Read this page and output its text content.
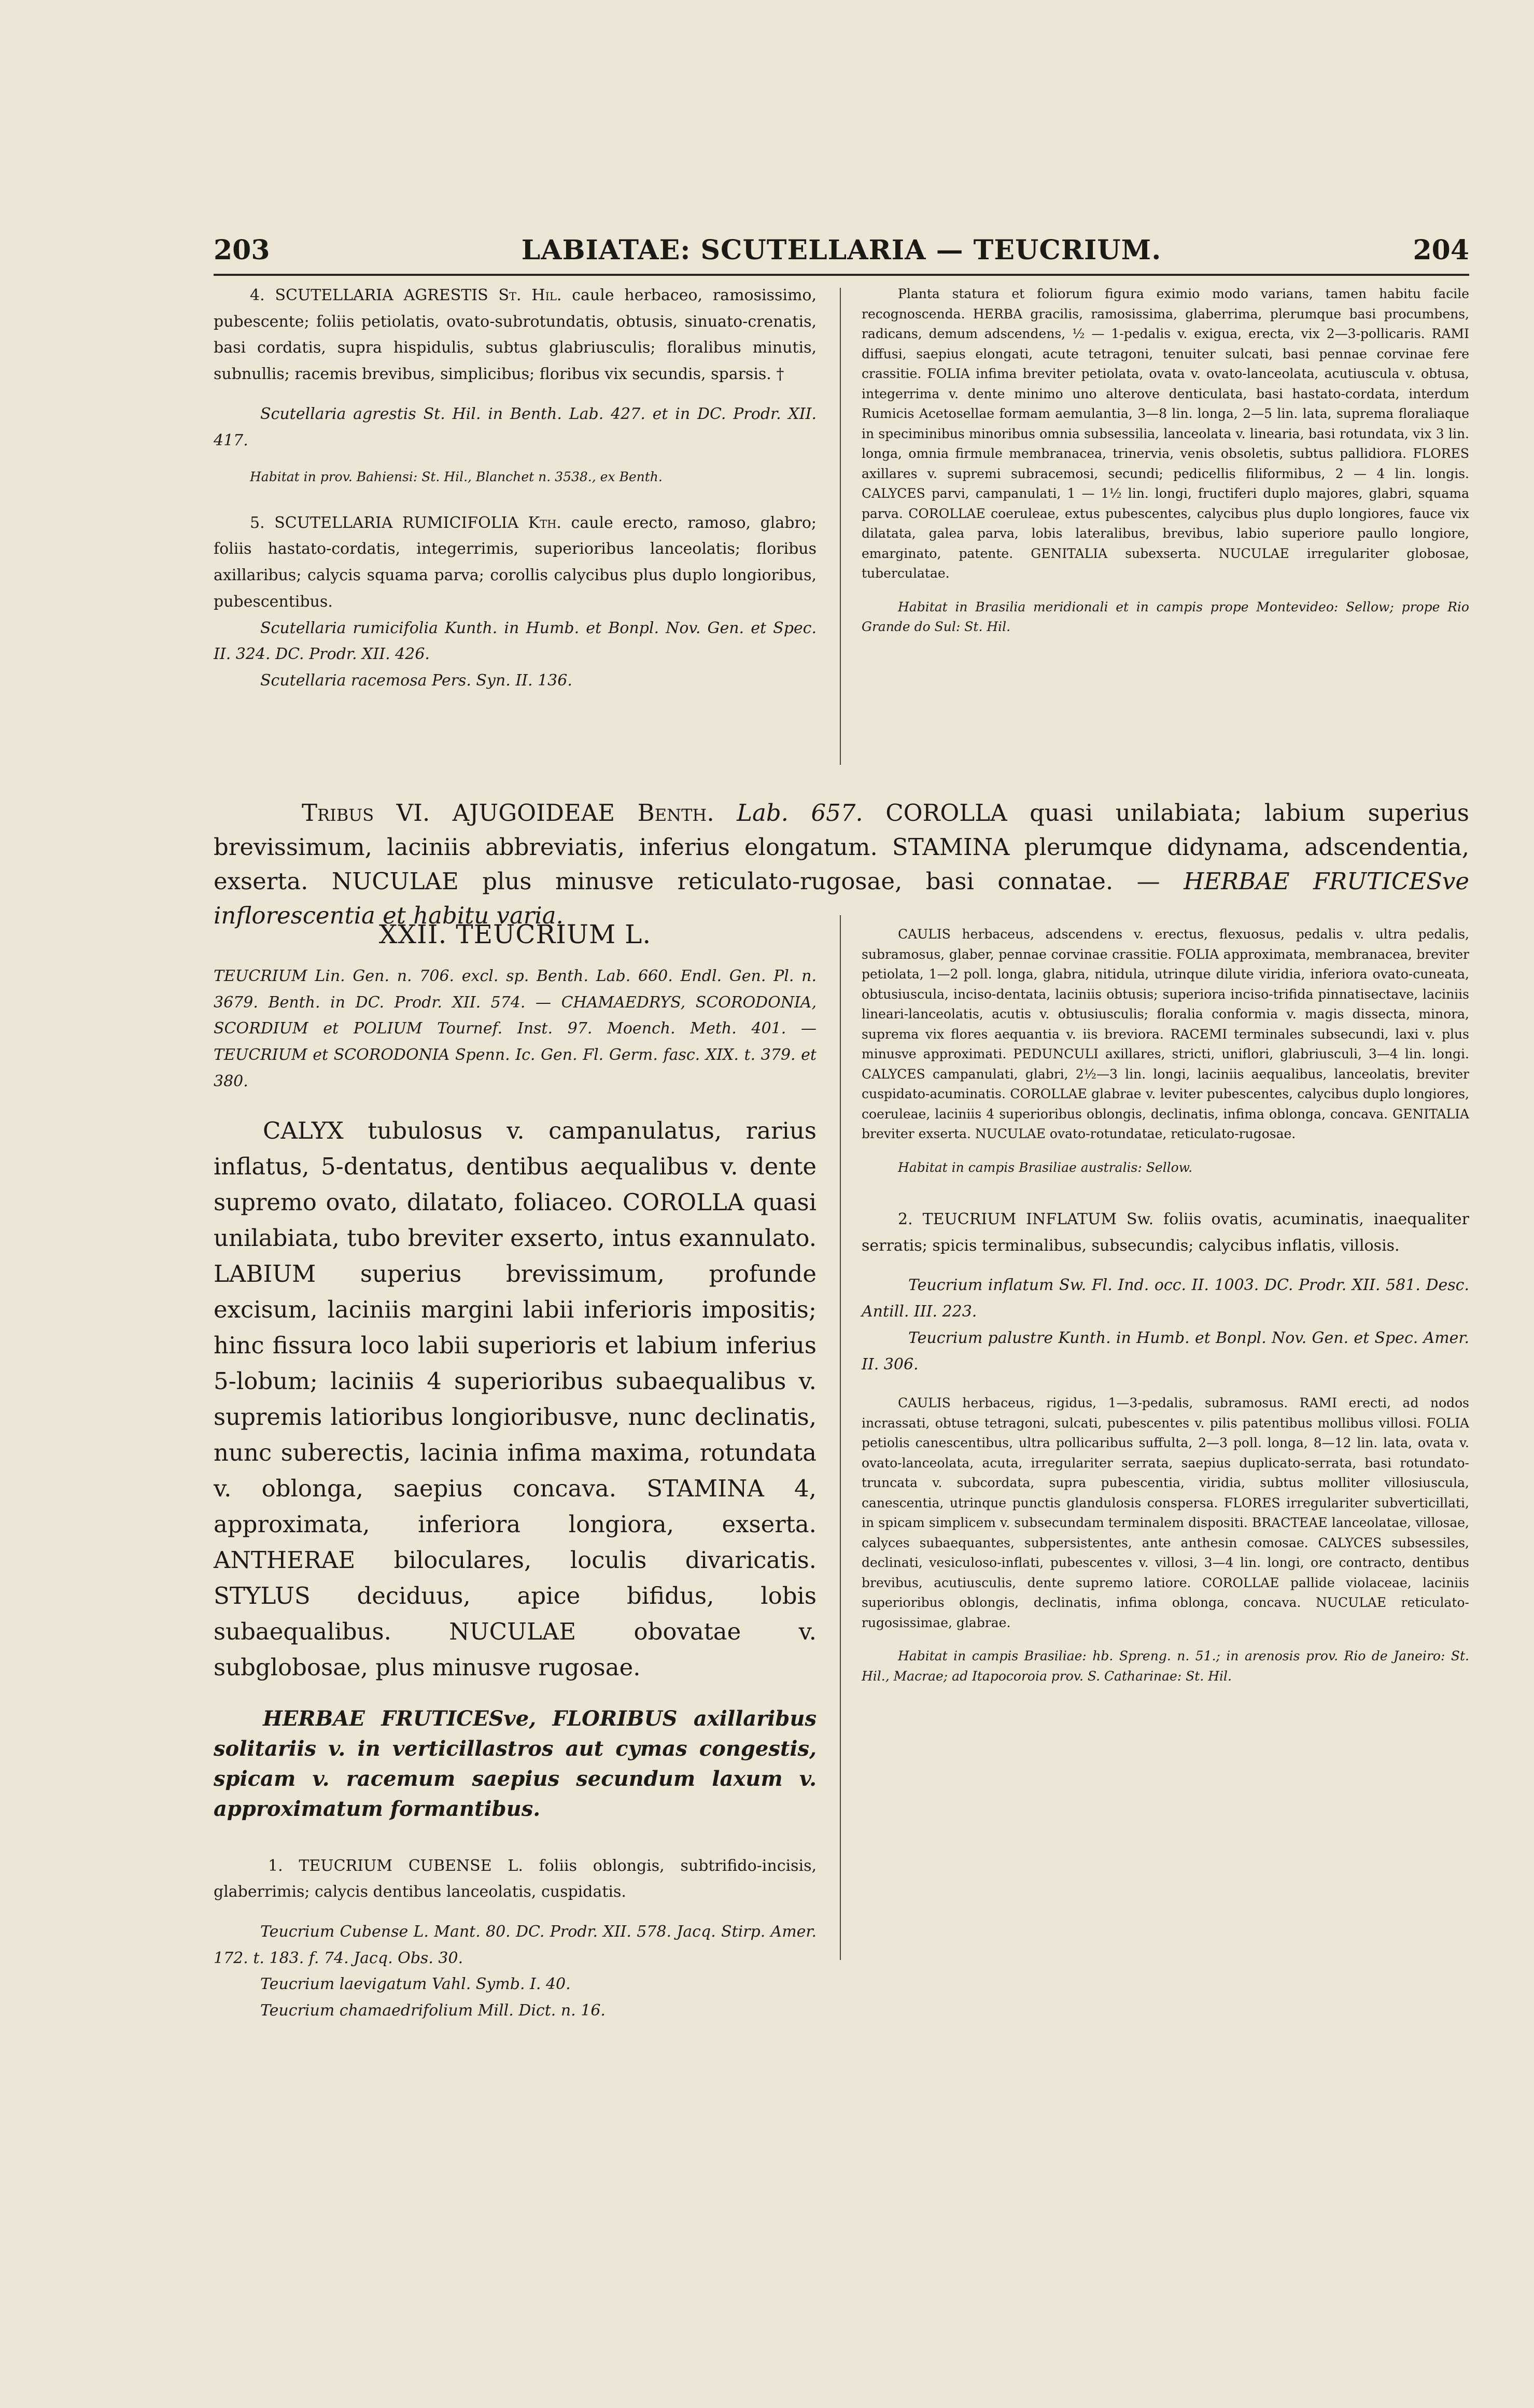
203	LABIATAE: SCUTELLARIA — TEUCRIUM.	204

4. SCUTELLARIA AGRESTIS St. Hil. caule herbaceo, ramosissimo, pubescente; foliis petiolatis, ovato-subrotundatis, obtusis, sinuato-crenatis, basi cordatis, supra hispidulis, subtus glabriusculis; floralibus minutis, subnullis; racemis brevibus, simplicibus; floribus vix secundis, sparsis. †

Scutellaria agrestis St. Hil. in Benth. Lab. 427. et in DC. Prodr. XII. 417.

Habitat in prov. Bahiensi: St. Hil., Blanchet n. 3538., ex Benth.

5. SCUTELLARIA RUMICIFOLIA Kth. caule erecto, ramoso, glabro; foliis hastato-cordatis, integerrimis, superioribus lanceolatis; floribus axillaribus; calycis squama parva; corollis calycibus plus duplo longioribus, pubescentibus.

Scutellaria rumicifolia Kunth. in Humb. et Bonpl. Nov. Gen. et Spec. II. 324. DC. Prodr. XII. 426.

Scutellaria racemosa Pers. Syn. II. 136.

Planta statura et foliorum figura eximio modo varians, tamen habitu facile recognoscenda. HERBA gracilis, ramosissima, glaberrima, plerumque basi procumbens, radicans, demum adscendens, ½ — 1-pedalis v. exigua, erecta, vix 2—3-pollicaris. RAMI diffusi, saepius elongati, acute tetragoni, tenuiter sulcati, basi pennae corvinae fere crassitie. FOLIA infima breviter petiolata, ovata v. ovato-lanceolata, acutiuscula v. obtusa, integerrima v. dente minimo uno alterove denticulata, basi hastato-cordata, interdum Rumicis Acetosellae formam aemulantia, 3—8 lin. longa, 2—5 lin. lata, suprema floraliaque in speciminibus minoribus omnia subsessilia, lanceolata v. linearia, basi rotundata, vix 3 lin. longa, omnia firmule membranacea, trinervia, venis obsoletis, subtus pallidiora. FLORES axillares v. supremi subracemosi, secundi; pedicellis filiformibus, 2 — 4 lin. longis. CALYCES parvi, campanulati, 1 — 1½ lin. longi, fructiferi duplo majores, glabri, squama parva. COROLLAE coeruleae, extus pubescentes, calycibus plus duplo longiores, fauce vix dilatata, galea parva, lobis lateralibus, brevibus, labio superiore paullo longiore, emarginato, patente. GENITALIA subexserta. NUCULAE irregulariter globosae, tuberculatae.

Habitat in Brasilia meridionali et in campis prope Montevideo: Sellow; prope Rio Grande do Sul: St. Hil.

Tribus VI. AJUGOIDEAE Benth. Lab. 657. COROLLA quasi unilabiata; labium superius brevissimum, laciniis abbreviatis, inferius elongatum. STAMINA plerumque didynama, adscendentia, exserta. NUCULAE plus minusve reticulato-rugosae, basi connatae. — HERBAE FRUTICESve inflorescentia et habitu varia.

XXII. TEUCRIUM L.

TEUCRIUM Lin. Gen. n. 706. excl. sp. Benth. Lab. 660. Endl. Gen. Pl. n. 3679. Benth. in DC. Prodr. XII. 574. — CHAMAEDRYS, SCORODONIA, SCORDIUM et POLIUM Tournef. Inst. 97. Moench. Meth. 401. — TEUCRIUM et SCORODONIA Spenn. Ic. Gen. Fl. Germ. fasc. XIX. t. 379. et 380.

CALYX tubulosus v. campanulatus, rarius inflatus, 5-dentatus, dentibus aequalibus v. dente supremo ovato, dilatato, foliaceo. COROLLA quasi unilabiata, tubo breviter exserto, intus exannulato. LABIUM superius brevissimum, profunde excisum, laciniis margini labii inferioris impositis; hinc fissura loco labii superioris et labium inferius 5-lobum; laciniis 4 superioribus subaequalibus v. supremis latioribus longioribusve, nunc declinatis, nunc suberectis, lacinia infima maxima, rotundata v. oblonga, saepius concava. STAMINA 4, approximata, inferiora longiora, exserta. ANTHERAE biloculares, loculis divaricatis. STYLUS deciduus, apice bifidus, lobis subaequalibus. NUCULAE obovatae v. subglobosae, plus minusve rugosae.

HERBAE FRUTICESve, FLORIBUS axillaribus solitariis v. in verticillastros aut cymas congestis, spicam v. racemum saepius secundum laxum v. approximatum formantibus.

1. TEUCRIUM CUBENSE L. foliis oblongis, subtrifido-incisis, glaberrimis; calycis dentibus lanceolatis, cuspidatis.

Teucrium Cubense L. Mant. 80. DC. Prodr. XII. 578. Jacq. Stirp. Amer. 172. t. 183. f. 74. Jacq. Obs. 30.

Teucrium laevigatum Vahl. Symb. I. 40.

Teucrium chamaedrifolium Mill. Dict. n. 16.

CAULIS herbaceus, adscendens v. erectus, flexuosus, pedalis v. ultra pedalis, subramosus, glaber, pennae corvinae crassitie. FOLIA approximata, membranacea, breviter petiolata, 1—2 poll. longa, glabra, nitidula, utrinque dilute viridia, inferiora ovato-cuneata, obtusiuscula, inciso-dentata, laciniis obtusis; superiora inciso-trifida pinnatisectave, laciniis lineari-lanceolatis, acutis v. obtusiusculis; floralia conformia v. magis dissecta, minora, suprema vix flores aequantia v. iis breviora. RACEMI terminales subsecundi, laxi v. plus minusve approximati. PEDUNCULI axillares, stricti, uniflori, glabriusculi, 3—4 lin. longi. CALYCES campanulati, glabri, 2½—3 lin. longi, laciniis aequalibus, lanceolatis, breviter cuspidato-acuminatis. COROLLAE glabrae v. leviter pubescentes, calycibus duplo longiores, coeruleae, laciniis 4 superioribus oblongis, declinatis, infima oblonga, concava. GENITALIA breviter exserta. NUCULAE ovato-rotundatae, reticulato-rugosae.

Habitat in campis Brasiliae australis: Sellow.

2. TEUCRIUM INFLATUM Sw. foliis ovatis, acuminatis, inaequaliter serratis; spicis terminalibus, subsecundis; calycibus inflatis, villosis.

Teucrium inflatum Sw. Fl. Ind. occ. II. 1003. DC. Prodr. XII. 581. Desc. Antill. III. 223.

Teucrium palustre Kunth. in Humb. et Bonpl. Nov. Gen. et Spec. Amer. II. 306.

CAULIS herbaceus, rigidus, 1—3-pedalis, subramosus. RAMI erecti, ad nodos incrassati, obtuse tetragoni, sulcati, pubescentes v. pilis patentibus mollibus villosi. FOLIA petiolis canescentibus, ultra pollicaribus suffulta, 2—3 poll. longa, 8—12 lin. lata, ovata v. ovato-lanceolata, acuta, irregulariter serrata, saepius duplicato-serrata, basi rotundato-truncata v. subcordata, supra pubescentia, viridia, subtus molliter villosiuscula, canescentia, utrinque punctis glandulosis conspersa. FLORES irregulariter subverticillati, in spicam simplicem v. subsecundam terminalem dispositi. BRACTEAE lanceolatae, villosae, calyces subaequantes, subpersistentes, ante anthesin comosae. CALYCES subsessiles, declinati, vesiculoso-inflati, pubescentes v. villosi, 3—4 lin. longi, ore contracto, dentibus brevibus, acutiusculis, dente supremo latiore. COROLLAE pallide violaceae, laciniis superioribus oblongis, declinatis, infima oblonga, concava. NUCULAE reticulato-rugosissimae, glabrae.

Habitat in campis Brasiliae: hb. Spreng. n. 51.; in arenosis prov. Rio de Janeiro: St. Hil., Macrae; ad Itapocoroia prov. S. Catharinae: St. Hil.
